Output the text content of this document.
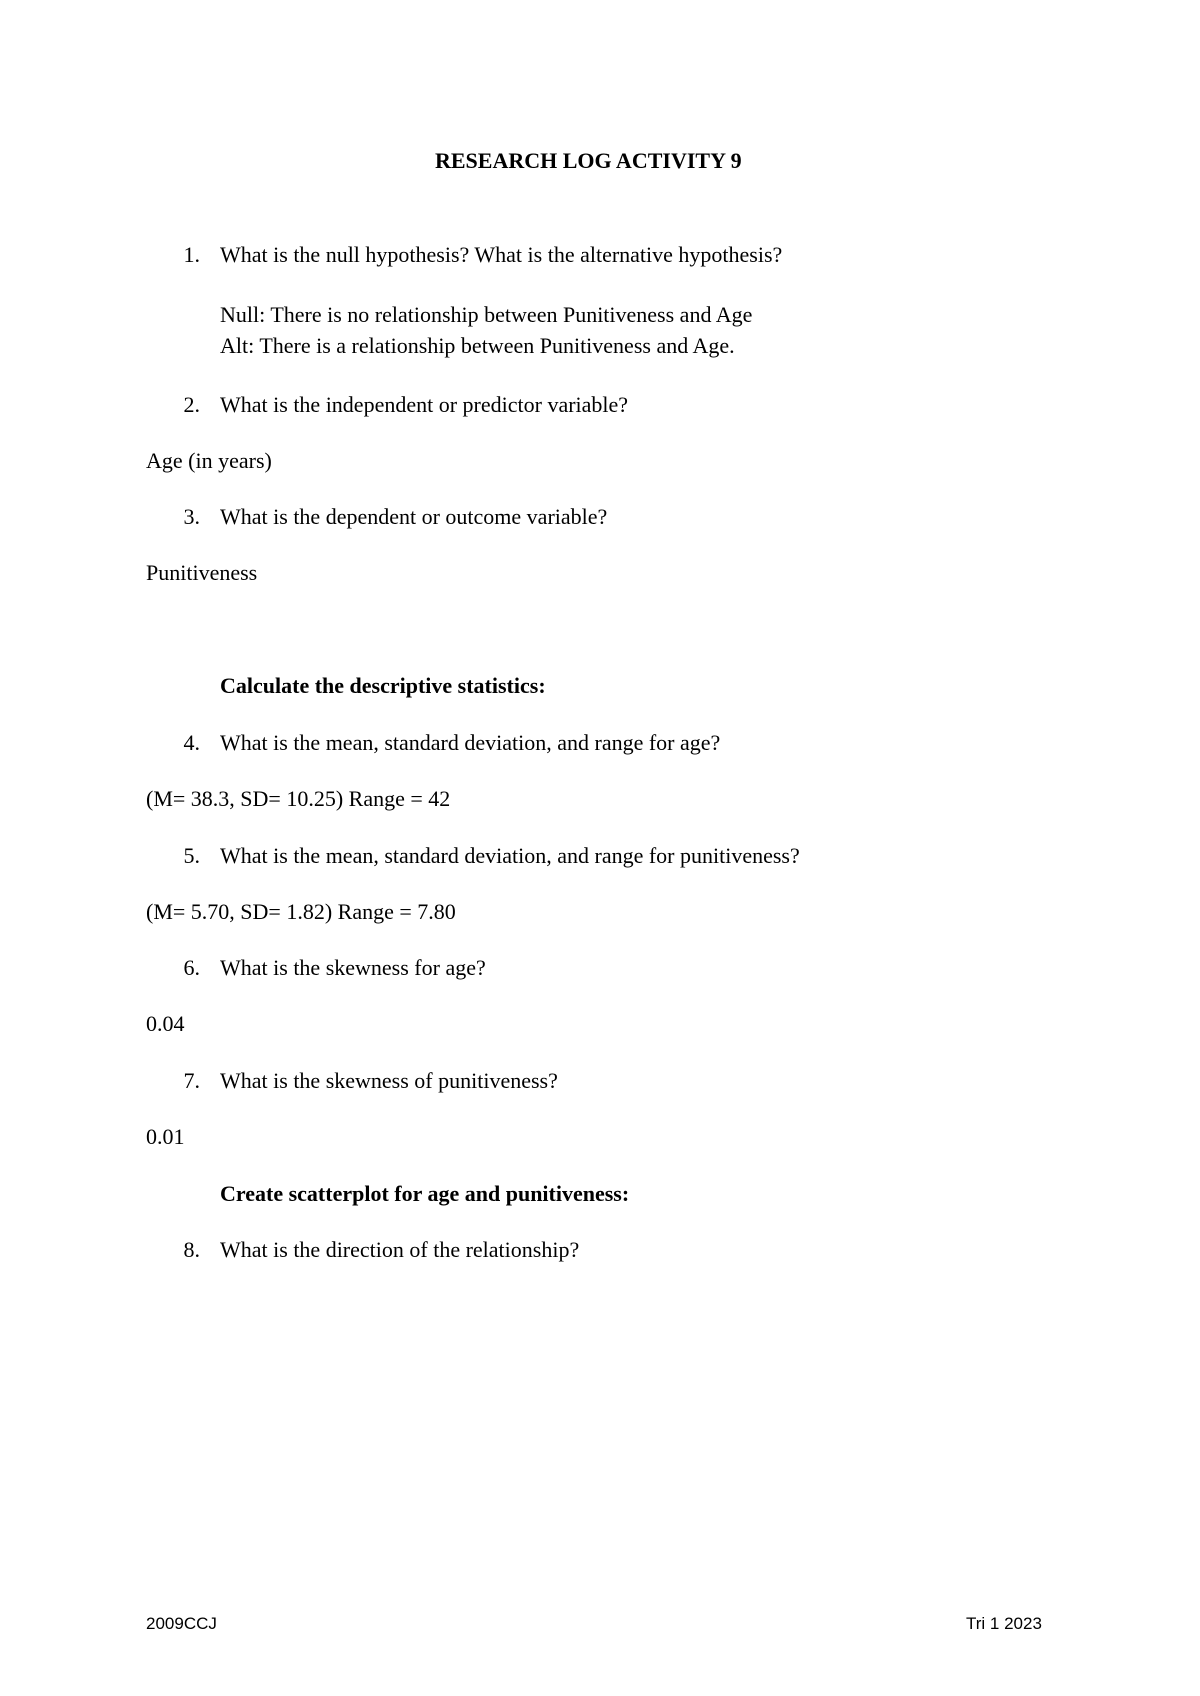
RESEARCH LOG ACTIVITY 9
1. What is the null hypothesis? What is the alternative hypothesis?
Null: There is no relationship between Punitiveness and Age
Alt: There is a relationship between Punitiveness and Age.
2. What is the independent or predictor variable?
Age (in years)
3. What is the dependent or outcome variable?
Punitiveness
Calculate the descriptive statistics:
4. What is the mean, standard deviation, and range for age?
(M= 38.3, SD= 10.25) Range = 42
5. What is the mean, standard deviation, and range for punitiveness?
(M= 5.70, SD= 1.82) Range = 7.80
6. What is the skewness for age?
0.04
7. What is the skewness of punitiveness?
0.01
Create scatterplot for age and punitiveness:
8. What is the direction of the relationship?
2009CCJ	Tri 1 2023
